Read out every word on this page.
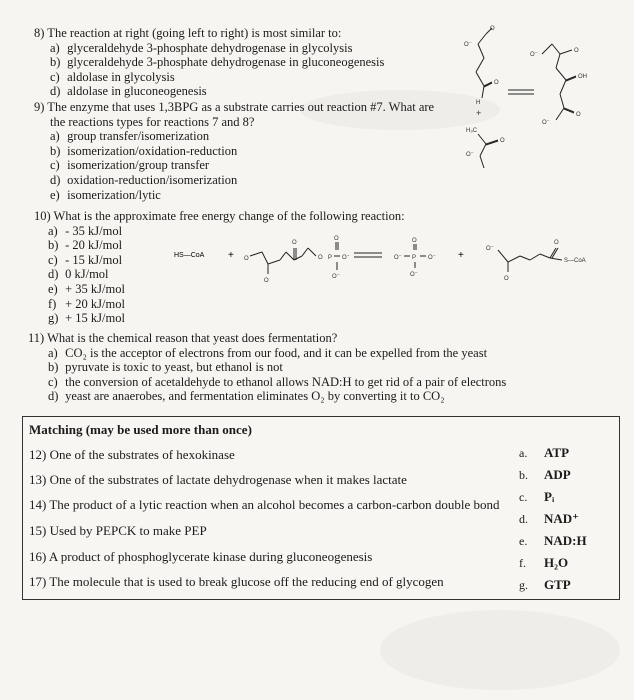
8) The reaction at right (going left to right) is most similar to:
a) glyceraldehyde 3-phosphate dehydrogenase in glycolysis
b) glyceraldehyde 3-phosphate dehydrogenase in gluconeogenesis
c) aldolase in glycolysis
d) aldolase in gluconeogenesis
9) The enzyme that uses 1,3BPG as a substrate carries out reaction #7. What are
the reactions types for reactions 7 and 8?
a) group transfer/isomerization
b) isomerization/oxidation-reduction
c) isomerization/group transfer
d) oxidation-reduction/isomerization
e) isomerization/lytic
10) What is the approximate free energy change of the following reaction:
a) - 35 kJ/mol
b) - 20 kJ/mol
c) - 15 kJ/mol
d) 0 kJ/mol
e) + 35 kJ/mol
f) + 20 kJ/mol
g) + 15 kJ/mol
11) What is the chemical reason that yeast does fermentation?
a) CO₂ is the acceptor of electrons from our food, and it can be expelled from the yeast
b) pyruvate is toxic to yeast, but ethanol is not
c) the conversion of acetaldehyde to ethanol allows NAD:H to get rid of a pair of electrons
d) yeast are anaerobes, and fermentation eliminates O₂ by converting it to CO₂
O⁻
O
O
H
O
O⁻
OH
O
O⁻
+
H₃C
O
O⁻
HS—CoA + O
O
O
O P
O
O⁻
O⁻
O⁻ P
O
O⁻
O⁻
+
O⁻
O
O
S—CoA
Matching (may be used more than once)
12) One of the substrates of hexokinase
13) One of the substrates of lactate dehydrogenase when it makes lactate
14) The product of a lytic reaction when an alcohol becomes a carbon-carbon double bond
15) Used by PEPCK to make PEP
16) A product of phosphoglycerate kinase during gluconeogenesis
17) The molecule that is used to break glucose off the reducing end of glycogen
a. ATP
b. ADP
c. Pᵢ
d. NAD⁺
e. NAD:H
f. H₂O
g. GTP
